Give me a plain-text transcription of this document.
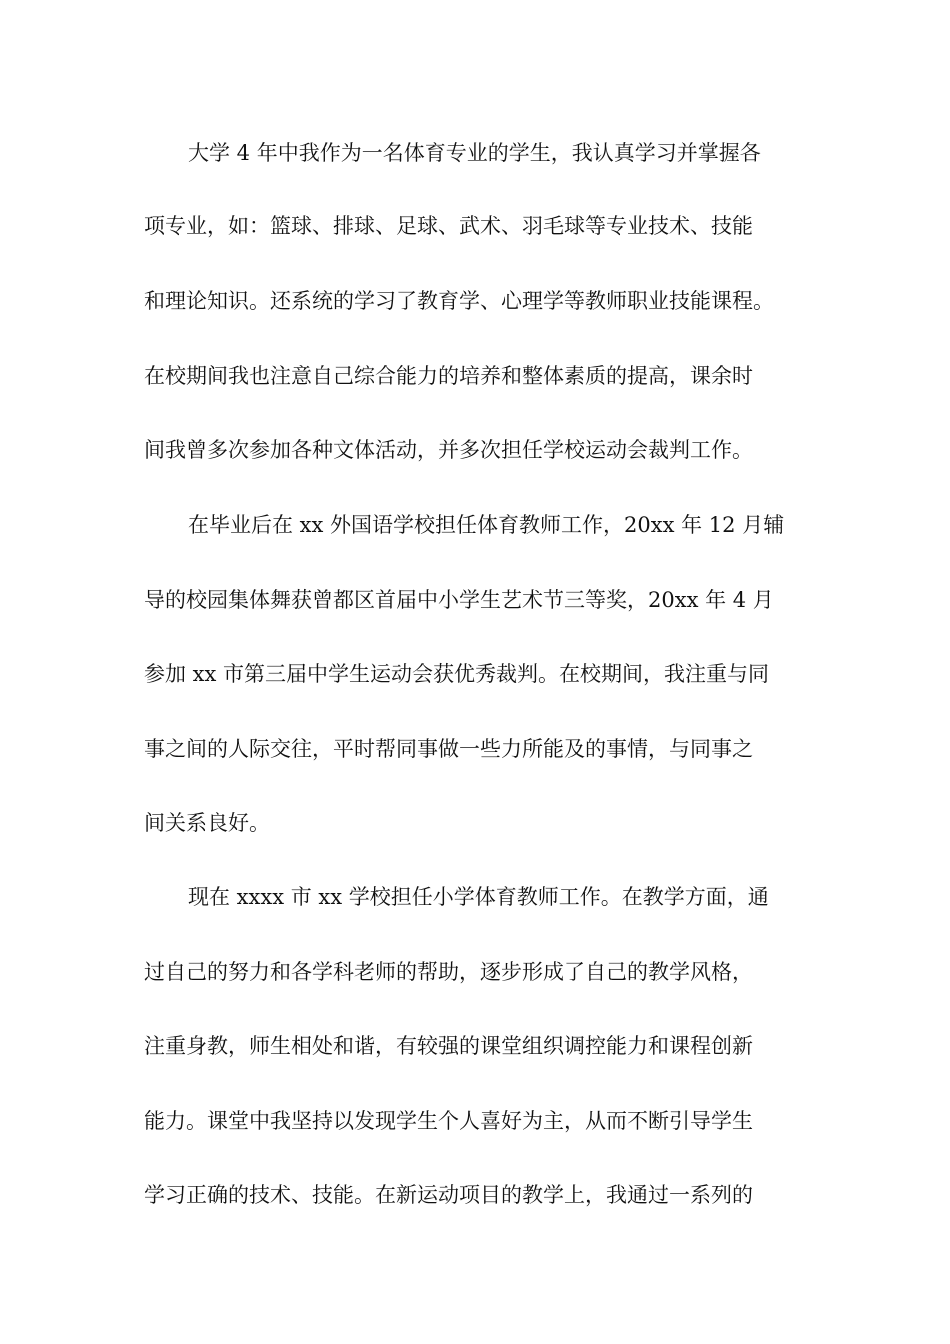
大学 4 年中我作为一名体育专业的学生，我认真学习并掌握各
项专业，如：篮球、排球、足球、武术、羽毛球等专业技术、技能
和理论知识。还系统的学习了教育学、心理学等教师职业技能课程。
在校期间我也注意自己综合能力的培养和整体素质的提高，课余时
间我曾多次参加各种文体活动，并多次担任学校运动会裁判工作。
在毕业后在 xx 外国语学校担任体育教师工作，20xx 年 12 月辅
导的校园集体舞获曾都区首届中小学生艺术节三等奖，20xx 年 4 月
参加 xx 市第三届中学生运动会获优秀裁判。在校期间，我注重与同
事之间的人际交往，平时帮同事做一些力所能及的事情，与同事之
间关系良好。
现在 xxxx 市 xx 学校担任小学体育教师工作。在教学方面，通
过自己的努力和各学科老师的帮助，逐步形成了自己的教学风格，
注重身教，师生相处和谐，有较强的课堂组织调控能力和课程创新
能力。课堂中我坚持以发现学生个人喜好为主，从而不断引导学生
学习正确的技术、技能。在新运动项目的教学上，我通过一系列的
